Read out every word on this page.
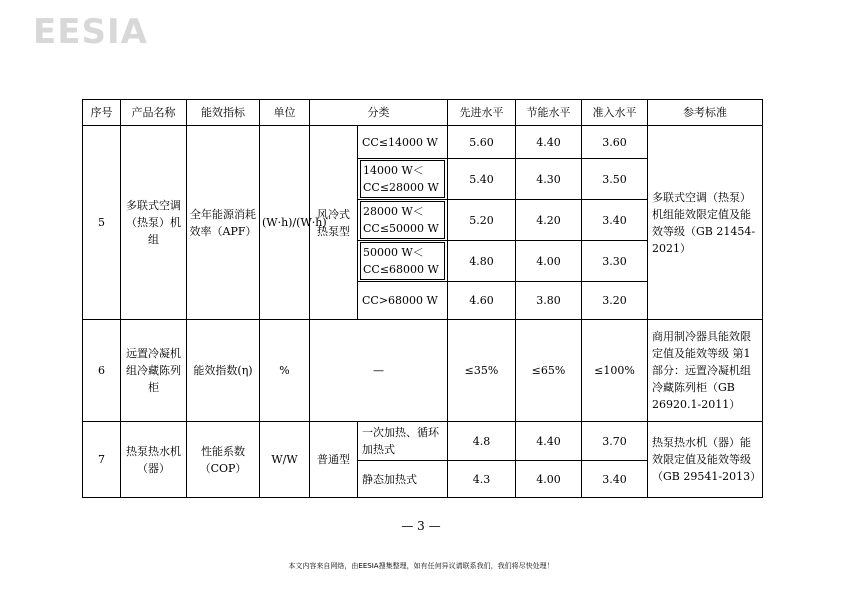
EESIA
序号	产品名称	能效指标	单位	分类		先进水平	节能水平	准入水平	参考标准
5	多联式空调（热泵）机组	全年能源消耗效率（APF）	(W·h)/(W·h)	风冷式热泵型	CC≤14000 W	5.60	4.40	3.60	多联式空调（热泵）机组能效限定值及能效等级（GB 21454-2021）

					14000 W＜CC≤28000 W	5.40	4.30	3.50	

					28000 W＜CC≤50000 W	5.20	4.20	3.40	

					50000 W＜CC≤68000 W	4.80	4.00	3.30	
					CC>68000 W	4.60	3.80	3.20	
6	远置冷凝机组冷藏陈列柜	能效指数(η)	%	—		≤35%	≤65%	≤100%	商用制冷器具能效限定值及能效等级 第1部分：远置冷凝机组冷藏陈列柜（GB 26920.1-2011）
7	热泵热水机（器）	性能系数（COP）	W/W	普通型	一次加热、循环加热式	4.8	4.40	3.70	热泵热水机（器）能效限定值及能效等级（GB 29541-2013）
					静态加热式	4.3	4.00	3.40	
— 3 —
本文内容来自网络，由EESIA搜集整理，如有任何异议请联系我们，我们将尽快处理！
